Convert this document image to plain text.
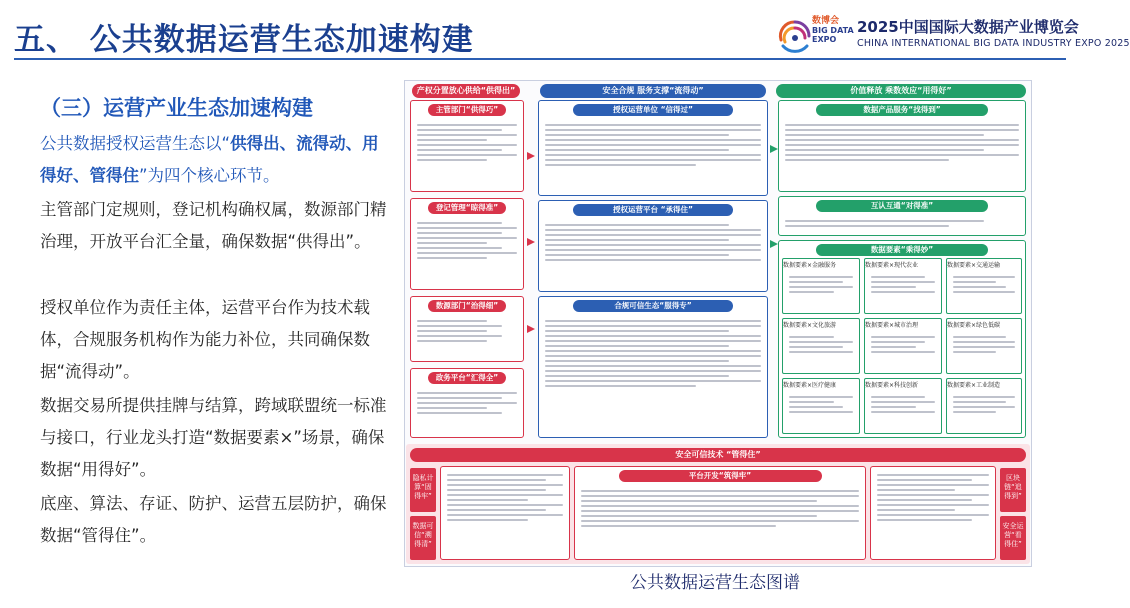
五、 公共数据运营生态加速构建
数博会
BIG DATA
EXPO
2025中国国际大数据产业博览会
CHINA INTERNATIONAL BIG DATA INDUSTRY EXPO 2025
（三）运营产业生态加速构建
公共数据授权运营生态以“供得出、流得动、用得好、管得住”为四个核心环节。
主管部门定规则，登记机构确权属，数源部门精治理，开放平台汇全量，确保数据“供得出”。
授权单位作为责任主体，运营平台作为技术载体，合规服务机构作为能力补位，共同确保数据“流得动”。
数据交易所提供挂牌与结算，跨域联盟统一标准与接口，行业龙头打造“数据要素×”场景，确保数据“用得好”。
底座、算法、存证、防护、运营五层防护，确保数据“管得住”。
产权分置放心供给“供得出”	安全合规 服务支撑“流得动”	价值释放 乘数效应“用得好”
主管部门“供得巧”
登记管理“晾得准”
数源部门“治得细”
政务平台“汇得全”
授权运营单位 “信得过”
授权运营平台 “承得住”
合规可信生态“服得专”
数据产品服务“找得到”
互认互通“对得准”
数据要素“乘得妙”
数据要素×金融服务	数据要素×现代农业	数据要素×交通运输
数据要素×文化旅游	数据要素×城市治理	数据要素×绿色低碳
数据要素×医疗健康	数据要素×科技创新	数据要素×工业制造
安全可信技术 “管得住”
隐私计算“固得牢”
数据可信“溯得清”
区块链“追得到”
安全运营“看得住”
平台开发“筑得牢”
公共数据运营生态图谱
